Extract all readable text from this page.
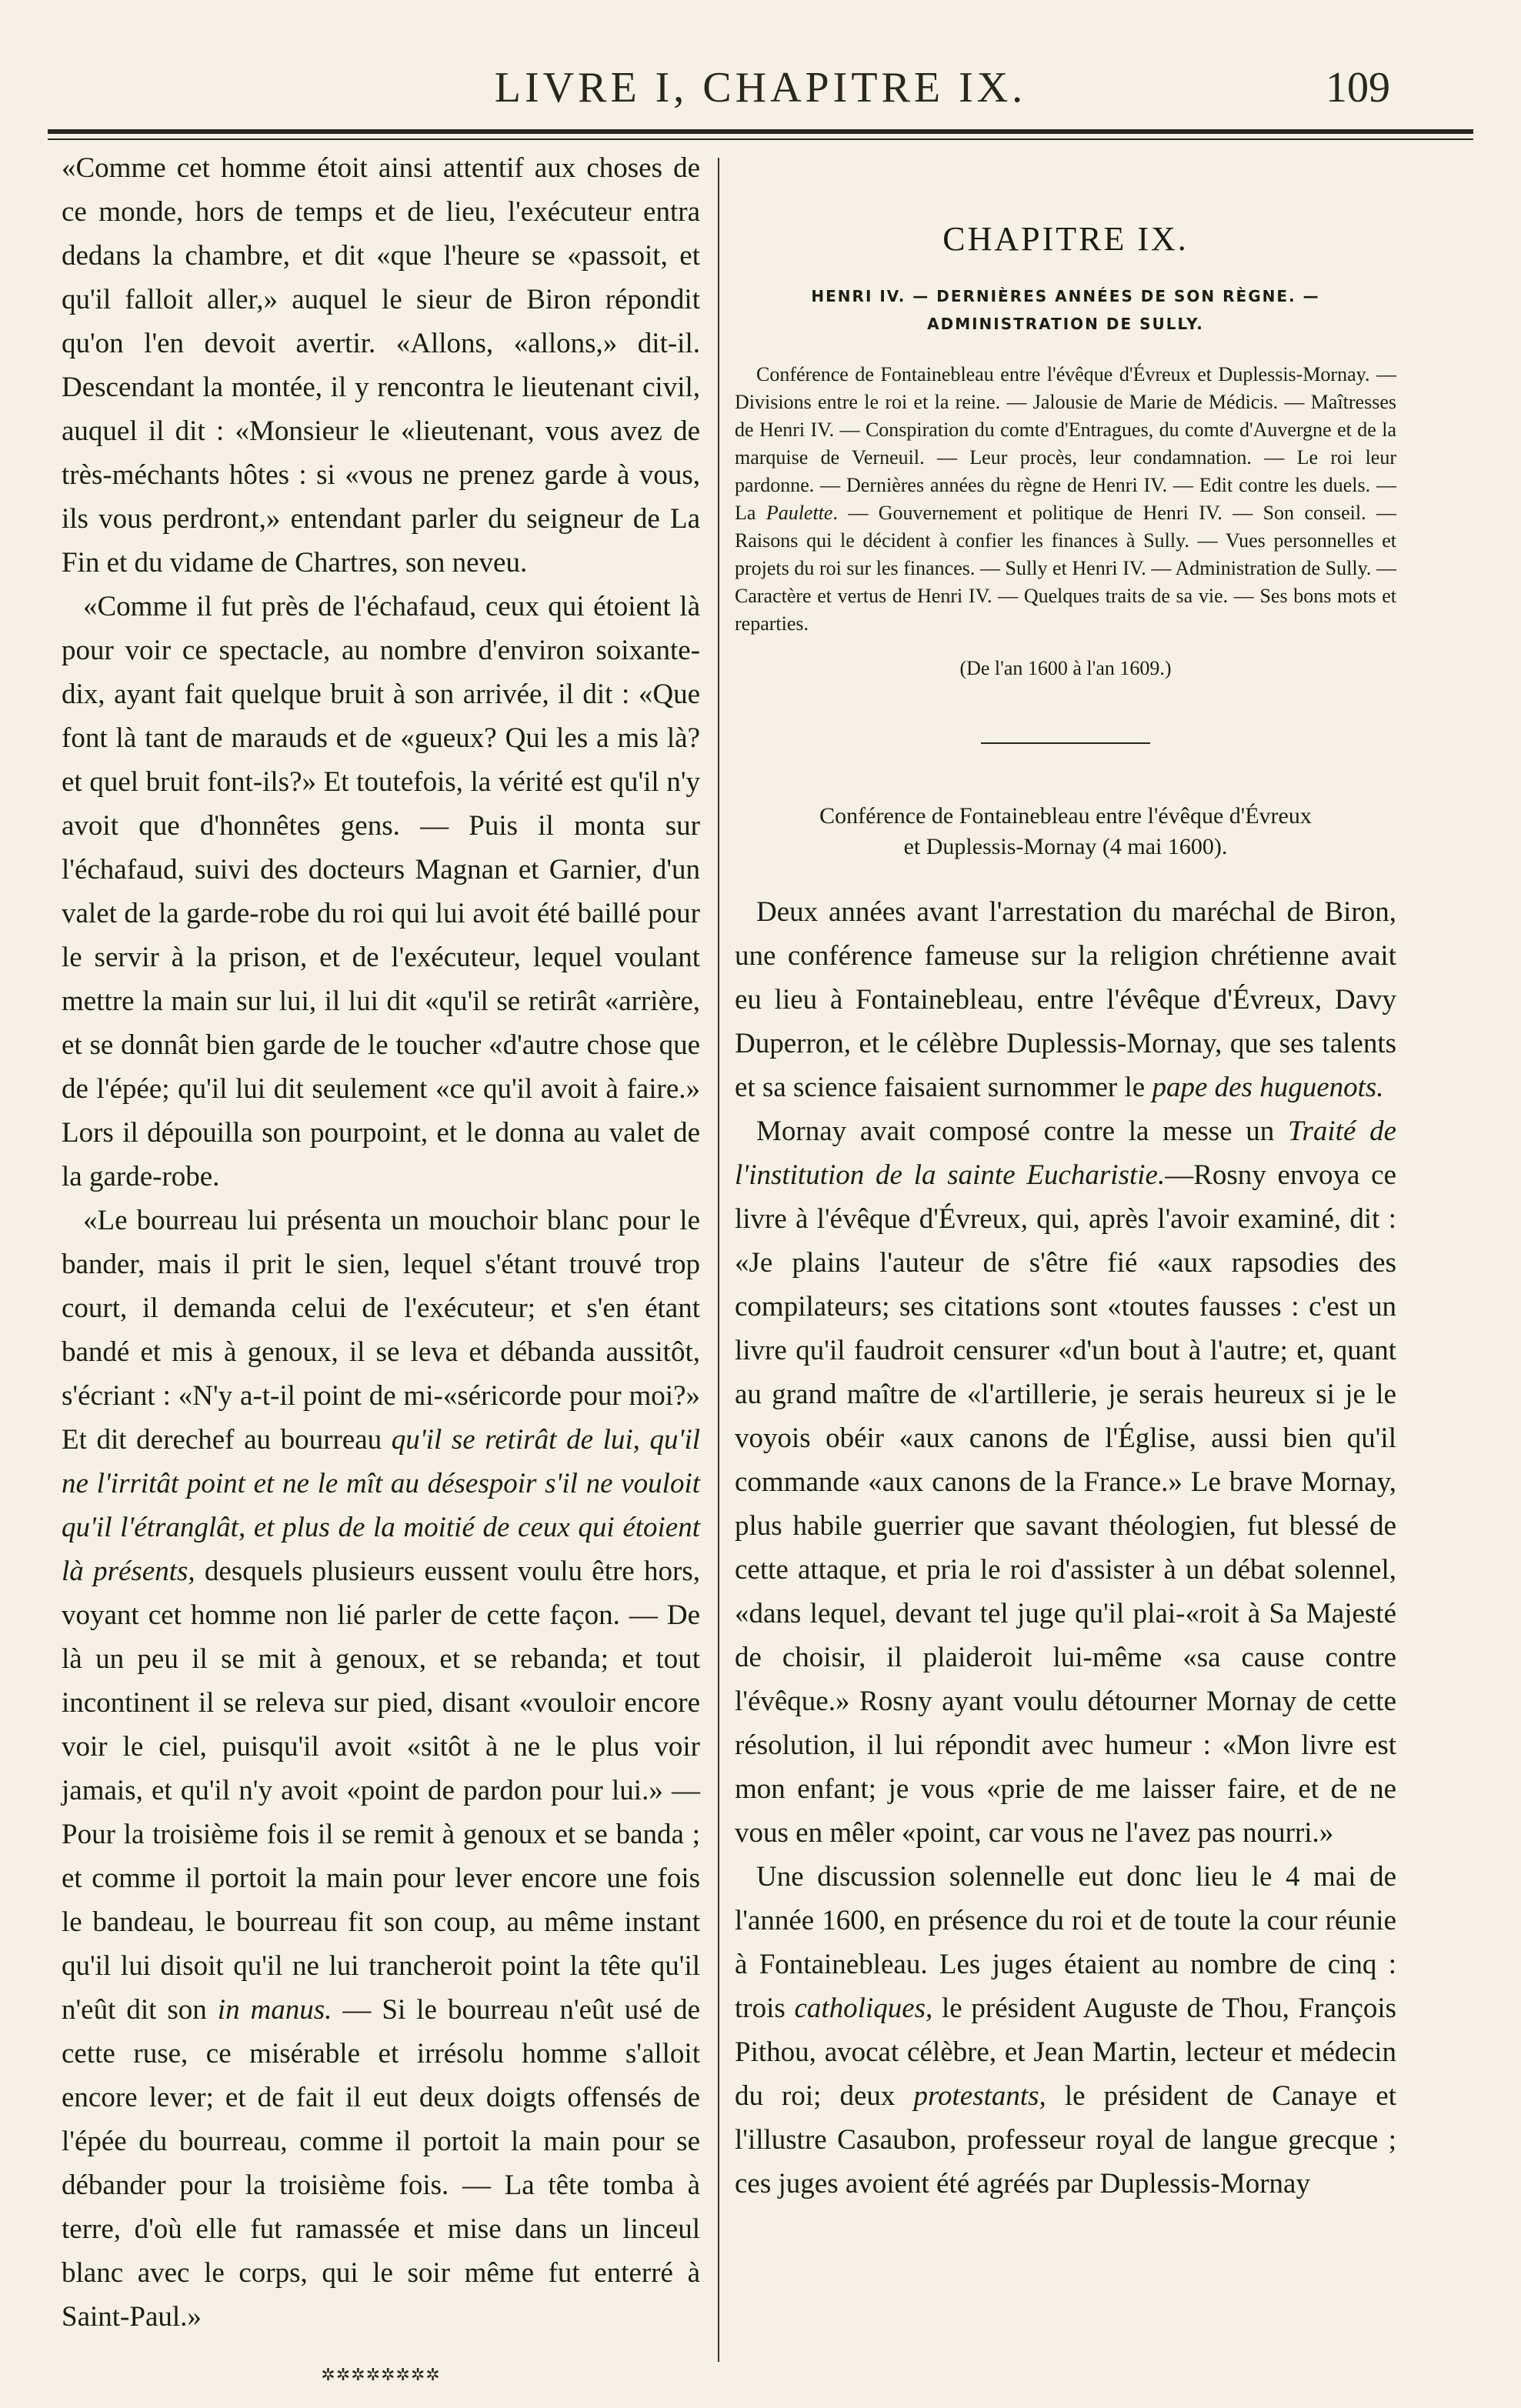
LIVRE I, CHAPITRE IX.	109

«Comme cet homme étoit ainsi attentif aux choses de ce monde, hors de temps et de lieu, l'exécuteur entra dedans la chambre, et dit «que l'heure se «passoit, et qu'il falloit aller,» auquel le sieur de Biron répondit qu'on l'en devoit avertir. «Allons, «allons,» dit-il. Descendant la montée, il y rencontra le lieutenant civil, auquel il dit : «Monsieur le «lieutenant, vous avez de très-méchants hôtes : si «vous ne prenez garde à vous, ils vous perdront,» entendant parler du seigneur de La Fin et du vidame de Chartres, son neveu.

«Comme il fut près de l'échafaud, ceux qui étoient là pour voir ce spectacle, au nombre d'environ soixante-dix, ayant fait quelque bruit à son arrivée, il dit : «Que font là tant de marauds et de «gueux? Qui les a mis là? et quel bruit font-ils?» Et toutefois, la vérité est qu'il n'y avoit que d'honnêtes gens. — Puis il monta sur l'échafaud, suivi des docteurs Magnan et Garnier, d'un valet de la garde-robe du roi qui lui avoit été baillé pour le servir à la prison, et de l'exécuteur, lequel voulant mettre la main sur lui, il lui dit «qu'il se retirât «arrière, et se donnât bien garde de le toucher «d'autre chose que de l'épée; qu'il lui dit seulement «ce qu'il avoit à faire.» Lors il dépouilla son pourpoint, et le donna au valet de la garde-robe.

«Le bourreau lui présenta un mouchoir blanc pour le bander, mais il prit le sien, lequel s'étant trouvé trop court, il demanda celui de l'exécuteur; et s'en étant bandé et mis à genoux, il se leva et débanda aussitôt, s'écriant : «N'y a-t-il point de mi-«séricorde pour moi?» Et dit derechef au bourreau qu'il se retirât de lui, qu'il ne l'irritât point et ne le mît au désespoir s'il ne vouloit qu'il l'étranglât, et plus de la moitié de ceux qui étoient là présents, desquels plusieurs eussent voulu être hors, voyant cet homme non lié parler de cette façon. — De là un peu il se mit à genoux, et se rebanda; et tout incontinent il se releva sur pied, disant «vouloir encore voir le ciel, puisqu'il avoit «sitôt à ne le plus voir jamais, et qu'il n'y avoit «point de pardon pour lui.» — Pour la troisième fois il se remit à genoux et se banda ; et comme il portoit la main pour lever encore une fois le bandeau, le bourreau fit son coup, au même instant qu'il lui disoit qu'il ne lui trancheroit point la tête qu'il n'eût dit son in manus. — Si le bourreau n'eût usé de cette ruse, ce misérable et irrésolu homme s'alloit encore lever; et de fait il eut deux doigts offensés de l'épée du bourreau, comme il portoit la main pour se débander pour la troisième fois. — La tête tomba à terre, d'où elle fut ramassée et mise dans un linceul blanc avec le corps, qui le soir même fut enterré à Saint-Paul.»

✲✲✲✲✲✲✲✲
CHAPITRE IX.
HENRI IV. — DERNIÈRES ANNÉES DE SON RÈGNE. — ADMINISTRATION DE SULLY.
Conférence de Fontainebleau entre l'évêque d'Évreux et Duplessis-Mornay. — Divisions entre le roi et la reine. — Jalousie de Marie de Médicis. — Maîtresses de Henri IV. — Conspiration du comte d'Entragues, du comte d'Auvergne et de la marquise de Verneuil. — Leur procès, leur condamnation. — Le roi leur pardonne. — Dernières années du règne de Henri IV. — Edit contre les duels. — La Paulette. — Gouvernement et politique de Henri IV. — Son conseil. — Raisons qui le décident à confier les finances à Sully. — Vues personnelles et projets du roi sur les finances. — Sully et Henri IV. — Administration de Sully. — Caractère et vertus de Henri IV. — Quelques traits de sa vie. — Ses bons mots et reparties.
(De l'an 1600 à l'an 1609.)
Conférence de Fontainebleau entre l'évêque d'Évreux
et Duplessis-Mornay (4 mai 1600).

Deux années avant l'arrestation du maréchal de Biron, une conférence fameuse sur la religion chrétienne avait eu lieu à Fontainebleau, entre l'évêque d'Évreux, Davy Duperron, et le célèbre Duplessis-Mornay, que ses talents et sa science faisaient surnommer le pape des huguenots.

Mornay avait composé contre la messe un Traité de l'institution de la sainte Eucharistie.—Rosny envoya ce livre à l'évêque d'Évreux, qui, après l'avoir examiné, dit : «Je plains l'auteur de s'être fié «aux rapsodies des compilateurs; ses citations sont «toutes fausses : c'est un livre qu'il faudroit censurer «d'un bout à l'autre; et, quant au grand maître de «l'artillerie, je serais heureux si je le voyois obéir «aux canons de l'Église, aussi bien qu'il commande «aux canons de la France.» Le brave Mornay, plus habile guerrier que savant théologien, fut blessé de cette attaque, et pria le roi d'assister à un débat solennel, «dans lequel, devant tel juge qu'il plai-«roit à Sa Majesté de choisir, il plaideroit lui-même «sa cause contre l'évêque.» Rosny ayant voulu détourner Mornay de cette résolution, il lui répondit avec humeur : «Mon livre est mon enfant; je vous «prie de me laisser faire, et de ne vous en mêler «point, car vous ne l'avez pas nourri.»

Une discussion solennelle eut donc lieu le 4 mai de l'année 1600, en présence du roi et de toute la cour réunie à Fontainebleau. Les juges étaient au nombre de cinq : trois catholiques, le président Auguste de Thou, François Pithou, avocat célèbre, et Jean Martin, lecteur et médecin du roi; deux protestants, le président de Canaye et l'illustre Casaubon, professeur royal de langue grecque ; ces juges avoient été agréés par Duplessis-Mornay
